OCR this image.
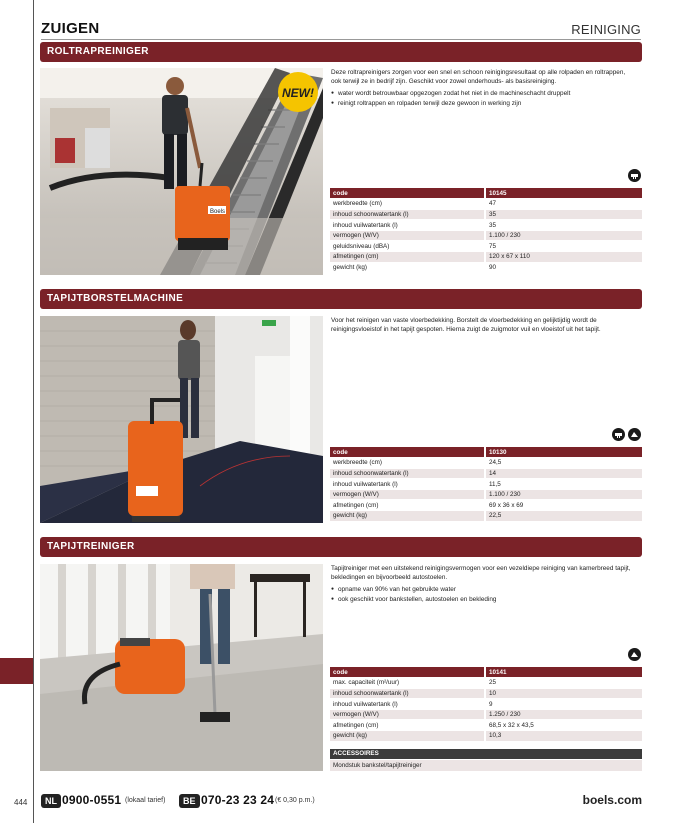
ZUIGEN	REINIGING
ROLTRAPREINIGER
Boels
NEW!

Deze roltrapreinigers zorgen voor een snel en schoon reinigingsresultaat op alle rolpaden en roltrappen, ook terwijl ze in bedrijf zijn. Geschikt voor zowel onderhouds- als basisreiniging.

● water wordt betrouwbaar opgezogen zodat het niet in de machineschacht druppelt
● reinigt roltrappen en rolpaden terwijl deze gewoon in werking zijn
code	10145
werkbreedte (cm)	47
inhoud schoonwatertank (l)	35
inhoud vuilwatertank (l)	35
vermogen (W/V)	1.100 / 230
geluidsniveau (dBA)	75
afmetingen (cm)	120 x 67 x 110
gewicht (kg)	90
TAPIJTBORSTELMACHINE

Voor het reinigen van vaste vloerbedekking. Borstelt de vloerbedekking en gelijktijdig wordt de reinigingsvloeistof in het tapijt gespoten. Hierna zuigt de zuigmotor vuil en vloeistof uit het tapijt.

code	10130
werkbreedte (cm)	24,5
inhoud schoonwatertank (l)	14
inhoud vuilwatertank (l)	11,5
vermogen (W/V)	1.100 / 230
afmetingen (cm)	69 x 36 x 69
gewicht (kg)	22,5
TAPIJTREINIGER

Tapijtreiniger met een uitstekend reinigingsvermogen voor een vezeldiepe reiniging van kamerbreed tapijt, bekledingen en bijvoorbeeld autostoelen.

● opname van 90% van het gebruikte water
● ook geschikt voor bankstellen, autostoelen en bekleding
code	10141
max. capaciteit (m²/uur)	25
inhoud schoonwatertank (l)	10
inhoud vuilwatertank (l)	9
vermogen (W/V)	1.250 / 230
afmetingen (cm)	68,5 x 32 x 43,5
gewicht (kg)	10,3
ACCESSOIRES
Mondstuk bankstel/tapijtreiniger
444	NL 0900-0551 (lokaal tarief)	BE 070-23 23 24 (€ 0,30 p.m.)	boels.com
